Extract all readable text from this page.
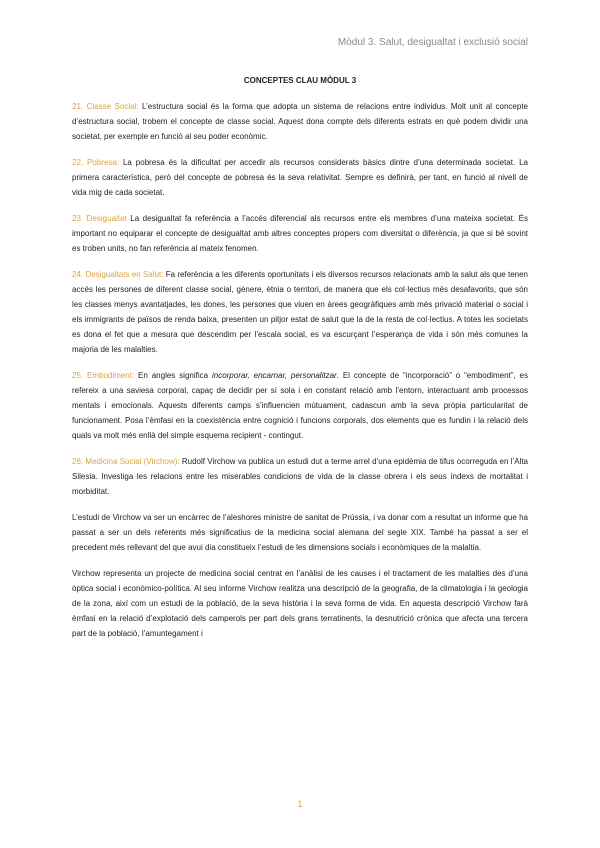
Mòdul 3. Salut, desigualtat i exclusió social
CONCEPTES CLAU MÒDUL 3

21. Classe Social: L’estructura social és la forma que adopta un sistema de relacions entre individus. Molt unit al concepte d’estructura social, trobem el concepte de classe social. Aquest dona compte dels diferents estrats en què podem dividir una societat, per exemple en funció al seu poder econòmic.

22. Pobresa: La pobresa és la dificultat per accedir als recursos considerats bàsics dintre d’una determinada societat. La primera característica, però del concepte de pobresa és la seva relativitat. Sempre es definirà, per tant, en funció al nivell de vida mig de cada societat.

23. Desigualtat La desigualtat fa referència a l’accés diferencial als recursos entre els membres d’una mateixa societat. És important no equiparar el concepte de desigualtat amb altres conceptes propers com diversitat o diferència, ja que si bé sovint es troben units, no fan referència al mateix fenomen.

24. Desigualtats en Salut: Fa referència a les diferents oportunitats i els diversos recursos relacionats amb la salut als que tenen accés les persones de diferent classe social, gènere, ètnia o territori, de manera que els col·lectius més desafavorits, que són les classes menys avantatjades, les dones, les persones que viuen en àrees geogràfiques amb més privació material o social i els immigrants de països de renda baixa, presenten un pitjor estat de salut que la de la resta de col·lectius. A totes les societats es dona el fet que a mesura que descendim per l’escala social, es va escurçant l’esperança de vida i són més comunes la majoria de les malalties.

25. Embodiment: En angles significa incorporar, encarnar, personalitzar. El concepte de “incorporació” o “embodiment”, es refereix a una saviesa corporal, capaç de decidir per sí sola i en constant relació amb l’entorn, interactuant amb processos mentals i emocionals. Aquests diferents camps s’influencien mútuament, cadascun amb la seva pròpia particularitat de funcionament. Posa l’èmfasi en la coexistència entre cognició i funcions corporals, dos elements que es fundin i la relació dels quals va molt més enllà del simple esquema recipient - contingut.

26. Medicina Social (Virchow): Rudolf Virchow va publica un estudi dut a terme arrel d’una epidèmia de tifus ocorreguda en l’Alta Silesia. Investiga les relacions entre les miserables condicions de vida de la classe obrera i els seus índexs de mortalitat i morbiditat.

L’estudi de Virchow va ser un encàrrec de l’aleshores ministre de sanitat de Prússia, i va donar com a resultat un informe que ha passat a ser un dels referents més significatius de la medicina social alemana del segle XIX. També ha passat a ser el precedent més rellevant del que avui dia constitueix l’estudi de les dimensions socials i econòmiques de la malaltia.

Virchow representa un projecte de medicina social centrat en l’anàlisi de les causes i el tractament de les malalties des d’una òptica social i econòmico-política. Al seu informe Virchow realitza una descripció de la geografia, de la climatologia i la geologia de la zona, així com un estudi de la població, de la seva història i la seva forma de vida. En aquesta descripció Virchow farà èmfasi en la relació d’explotació dels camperols per part dels grans terratinents, la desnutrició crònica que afecta una tercera part de la població, l’amuntegament i

1
